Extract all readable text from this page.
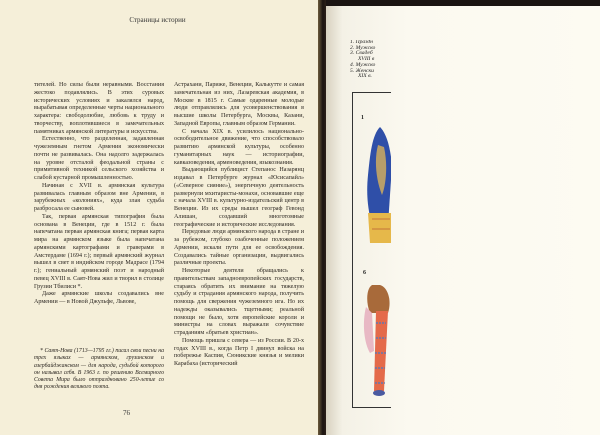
Страницы истории

тителей. Но силы были неравными. Восстания жестоко подавлялись. В этих суровых исторических условиях и закалялся народ, вырабатывая определенные черты национального характера: свободолюбие, любовь к труду и творчеству, воплотившиеся в замечательных памятниках армянской литературы и искусства.

Естественно, что разделенная, задавленная чужеземным гнетом Армения экономически почти не развивалась. Она надолго задержалась на уровне отсталой феодальной страны с примитивной техникой сельского хозяйства и слабой кустарной промышленностью.

Начиная с XVII в. армянская культура развивалась главным образом вне Армении, в зарубежных «колониях», куда злая судьба разбросала ее сыновей.

Так, первая армянская типография была основана в Венеции, где в 1512 г. была напечатана первая армянская книга; первая карта мира на армянском языке была напечатана армянскими картографами и граверами в Амстердаме (1694 г.); первый армянский журнал вышел в свет в индийском городе Мадрасе (1794 г.); гениальный армянский поэт и народный певец XVIII в. Саят-Нова жил и творил в столице Грузии Тбилиси *.

Даже армянские школы создавались вне Армении — в Новой Джульфе, Львове,

* Саят-Нова (1713—1795 гг.) писал свои песни на трех языках — армянском, грузинском и азербайджанском — для народа, судьбой которого он называл себя. В 1963 г. по решению Всемирного Совета Мира было отпраздновано 250-летие со дня рождения великого поэта.

Астрахани, Париже, Венеции, Калькутте и самая замечательная из них, Лазаревская академия, в Москве в 1815 г. Самые одаренные молодые люди отправлялись для усовершенствования в высшие школы Петербурга, Москвы, Казани, Западной Европы, главным образом Германии.

С начала XIX в. усилилось национально-освободительное движение, что способствовало развитию армянской культуры, особенно гуманитарных наук — историографии, кавказоведения, арменоведения, языкознания.

Выдающийся публицист Степанос Назарянц издавал в Петербурге журнал «Юсисапайл» («Северное сияние»), энергичную деятельность развернули мхитаристы-монахи, основавшие еще с начала XVIII в. культурно-издательский центр в Венеции. Из их среды вышел географ Гевонд Алишан, создавший многотомные географические и исторические исследования.

Передовые люди армянского народа в стране и за рубежом, глубоко озабоченные положением Армении, искали пути для ее освобождения. Создавались тайные организации, выдвигались различные проекты.

Некоторые деятели обращались к правительствам западноевропейских государств, стараясь обратить их внимание на тяжелую судьбу и страдания армянского народа, получить помощь для свержения чужеземного ига. Но их надежды оказывались тщетными; реальной помощи не было, хотя европейские короли и министры на словах выражали сочувствие страданиям «братьев христиан».

Помощь пришла с севера — из России. В 20-х годах XVIII в., когда Петр I двинул войска на побережье Каспия, Сюникские князья и мелики Карабаха (исторический

76
1. Праздн
2. Мужско
3. Свадеб
XVIII в
4. Мужско
5. Женски
XIX в.
1
6
